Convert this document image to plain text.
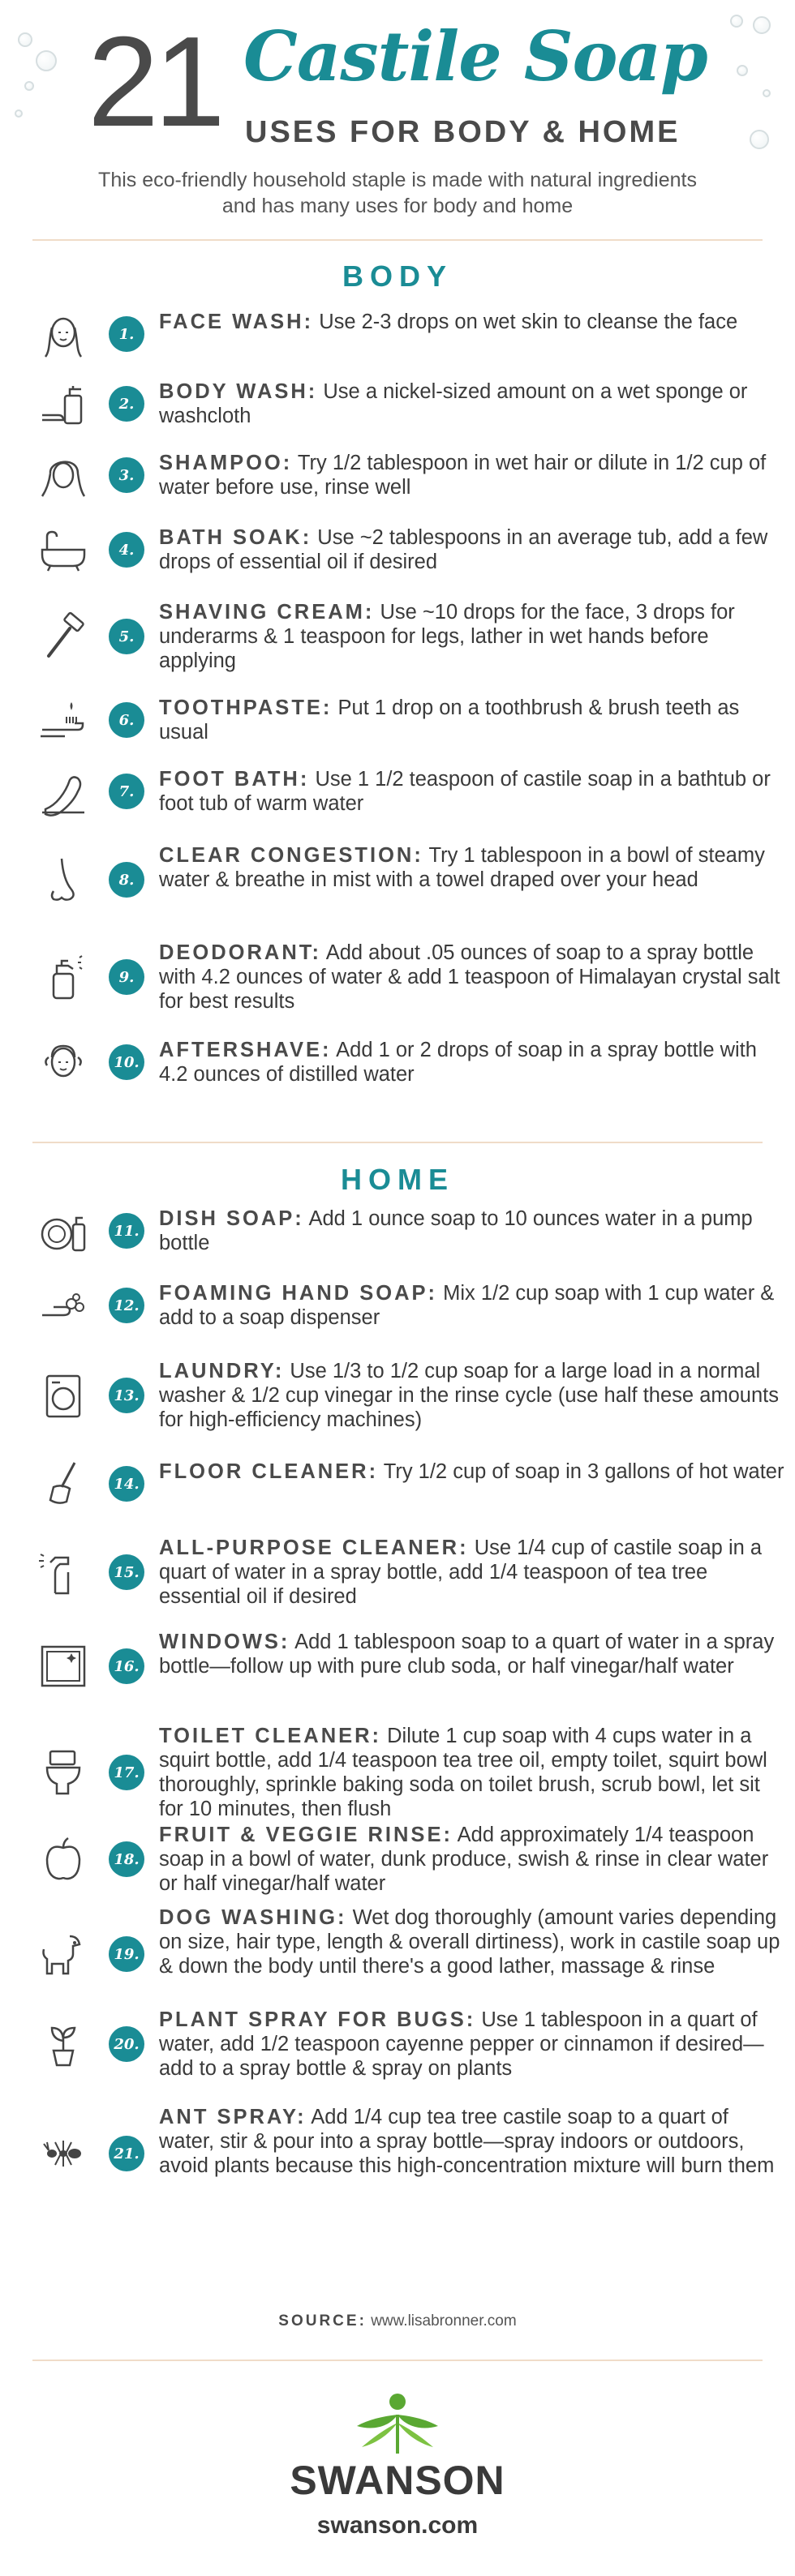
21 Castile Soap
USES FOR BODY & HOME
This eco-friendly household staple is made with natural ingredients and has many uses for body and home
BODY
HOME
1.
FACE WASH: Use 2-3 drops on wet skin to cleanse the face
2.
BODY WASH: Use a nickel-sized amount on a wet sponge or washcloth
3.
SHAMPOO: Try 1/2 tablespoon in wet hair or dilute in 1/2 cup of water before use, rinse well
4.
BATH SOAK: Use ~2 tablespoons in an average tub, add a few drops of essential oil if desired
5.
SHAVING CREAM: Use ~10 drops for the face, 3 drops for underarms & 1 teaspoon for legs, lather in wet hands before applying
6.
TOOTHPASTE: Put 1 drop on a toothbrush & brush teeth as usual
7.
FOOT BATH: Use 1 1/2 teaspoon of castile soap in a bathtub or foot tub of warm water
8.
CLEAR CONGESTION: Try 1 tablespoon in a bowl of steamy water & breathe in mist with a towel draped over your head
9.
DEODORANT: Add about .05 ounces of soap to a spray bottle with 4.2 ounces of water & add 1 teaspoon of Himalayan crystal salt for best results
10.
AFTERSHAVE: Add 1 or 2 drops of soap in a spray bottle with 4.2 ounces of distilled water
11.
DISH SOAP: Add 1 ounce soap to 10 ounces water in a pump bottle
12.
FOAMING HAND SOAP: Mix 1/2 cup soap with 1 cup water & add to a soap dispenser
13.
LAUNDRY: Use 1/3 to 1/2 cup soap for a large load in a normal washer & 1/2 cup vinegar in the rinse cycle (use half these amounts for high-efficiency machines)
14.
FLOOR CLEANER: Try 1/2 cup of soap in 3 gallons of hot water
15.
ALL-PURPOSE CLEANER: Use 1/4 cup of castile soap in a quart of water in a spray bottle, add 1/4 teaspoon of tea tree essential oil if desired
16.
WINDOWS: Add 1 tablespoon soap to a quart of water in a spray bottle—follow up with pure club soda, or half vinegar/half water
17.
TOILET CLEANER: Dilute 1 cup soap with 4 cups water in a squirt bottle, add 1/4 teaspoon tea tree oil, empty toilet, squirt bowl thoroughly, sprinkle baking soda on toilet brush, scrub bowl, let sit for 10 minutes, then flush
18.
FRUIT & VEGGIE RINSE: Add approximately 1/4 teaspoon soap in a bowl of water, dunk produce, swish & rinse in clear water or half vinegar/half water
19.
DOG WASHING: Wet dog thoroughly (amount varies depending on size, hair type, length & overall dirtiness), work in castile soap up & down the body until there's a good lather, massage & rinse
20.
PLANT SPRAY FOR BUGS: Use 1 tablespoon in a quart of water, add 1/2 teaspoon cayenne pepper or cinnamon if desired—add to a spray bottle & spray on plants
21.
ANT SPRAY: Add 1/4 cup tea tree castile soap to a quart of water, stir & pour into a spray bottle—spray indoors or outdoors, avoid plants because this high-concentration mixture will burn them
SOURCE: www.lisabronner.com
SWANSON
swanson.com
